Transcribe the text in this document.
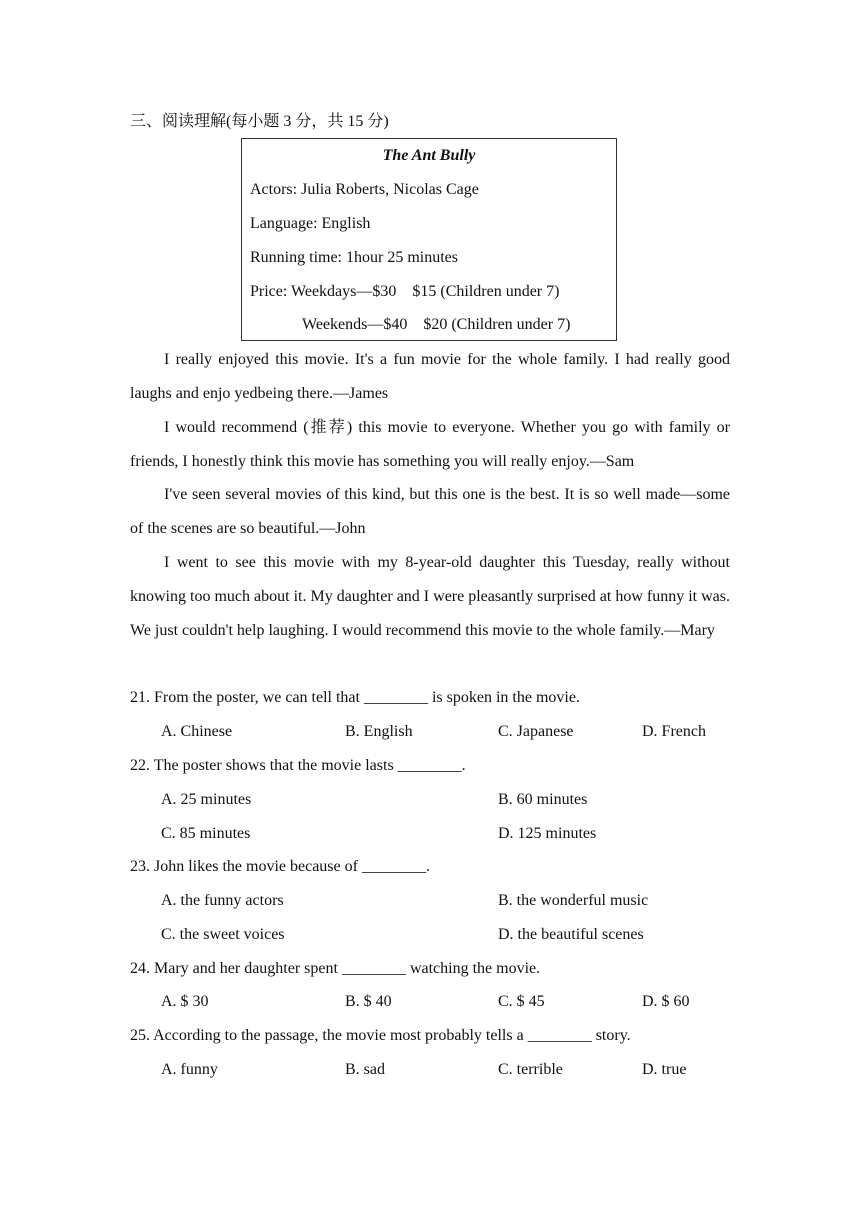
三、阅读理解(每小题 3 分，共 15 分)
The Ant Bully
Actors: Julia Roberts, Nicolas Cage
Language: English
Running time: 1hour 25 minutes
Price: Weekdays—$30    $15 (Children under 7)
Weekends—$40    $20 (Children under 7)
I really enjoyed this movie. It's a fun movie for the whole family. I had really good laughs and enjo yedbeing there.—James
I would recommend (推荐) this movie to everyone. Whether you go with family or friends, I honestly think this movie has something you will really enjoy.—Sam
I've seen several movies of this kind, but this one is the best. It is so well made—some of the scenes are so beautiful.—John
I went to see this movie with my 8-year-old daughter this Tuesday, really without knowing too much about it. My daughter and I were pleasantly surprised at how funny it was. We just couldn't help laughing. I would recommend this movie to the whole family.—Mary
21. From the poster, we can tell that ________ is spoken in the movie.
A. Chinese	B. English	C. Japanese	D. French
22. The poster shows that the movie lasts ________.
A. 25 minutes	B. 60 minutes
C. 85 minutes	D. 125 minutes
23. John likes the movie because of ________.
A. the funny actors	B. the wonderful music
C. the sweet voices	D. the beautiful scenes
24. Mary and her daughter spent ________ watching the movie.
A. $ 30	B. $ 40	C. $ 45	D. $ 60
25. According to the passage, the movie most probably tells a ________ story.
A. funny	B. sad	C. terrible	D. true
